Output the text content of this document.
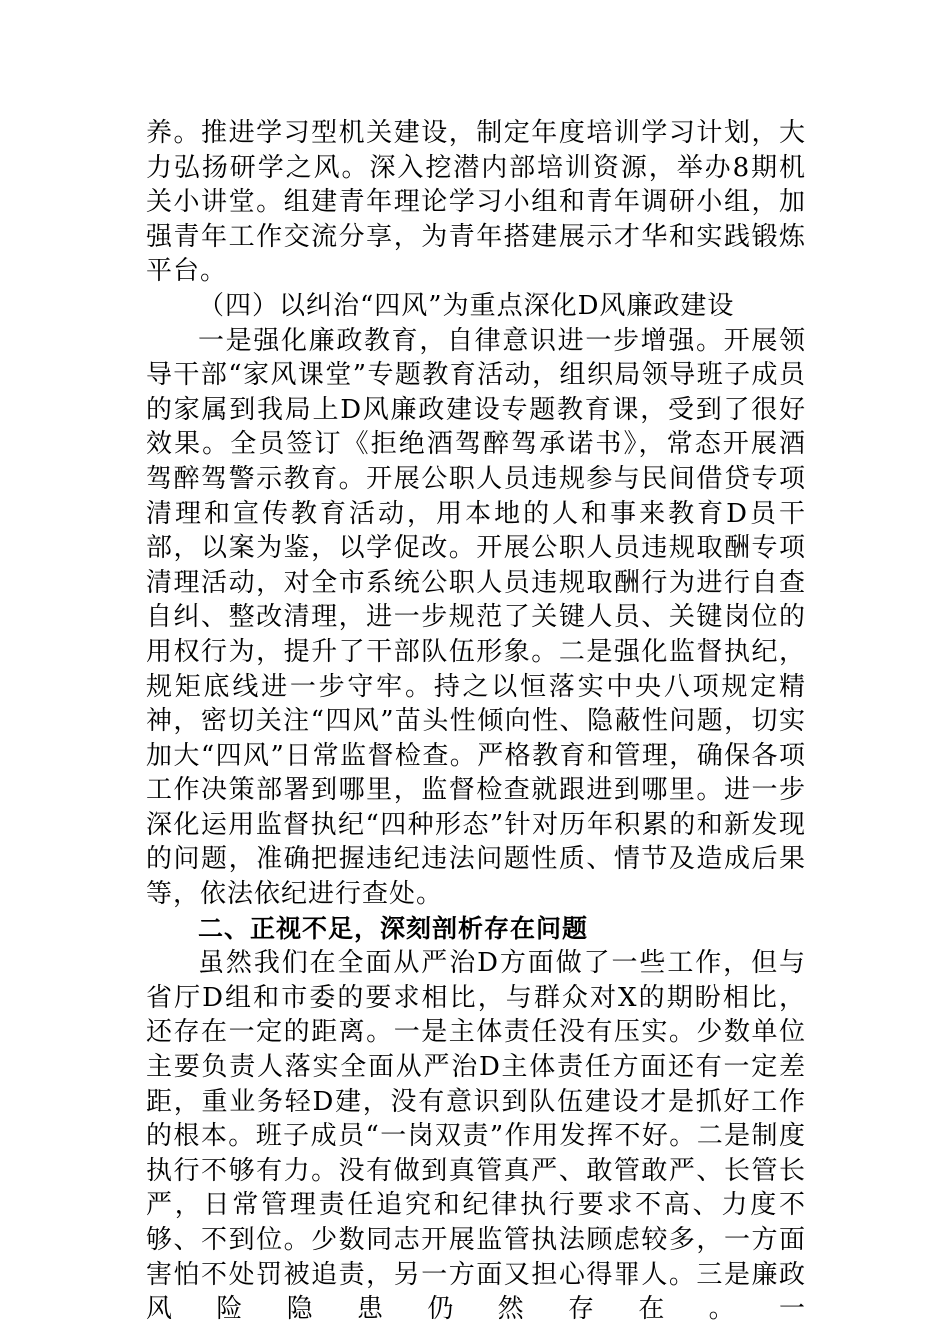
养。推进学习型机关建设，制定年度培训学习计划，大力弘扬研学之风。深入挖潜内部培训资源，举办8期机关小讲堂。组建青年理论学习小组和青年调研小组，加强青年工作交流分享，为青年搭建展示才华和实践锻炼平台。

（四）以纠治“四风”为重点深化D风廉政建设

一是强化廉政教育，自律意识进一步增强。开展领导干部“家风课堂”专题教育活动，组织局领导班子成员的家属到我局上D风廉政建设专题教育课，受到了很好效果。全员签订《拒绝酒驾醉驾承诺书》，常态开展酒驾醉驾警示教育。开展公职人员违规参与民间借贷专项清理和宣传教育活动，用本地的人和事来教育D员干部，以案为鉴，以学促改。开展公职人员违规取酬专项清理活动，对全市系统公职人员违规取酬行为进行自查自纠、整改清理，进一步规范了关键人员、关键岗位的用权行为，提升了干部队伍形象。二是强化监督执纪，规矩底线进一步守牢。持之以恒落实中央八项规定精神，密切关注“四风”苗头性倾向性、隐蔽性问题，切实加大“四风”日常监督检查。严格教育和管理，确保各项工作决策部署到哪里，监督检查就跟进到哪里。进一步深化运用监督执纪“四种形态”针对历年积累的和新发现的问题，准确把握违纪违法问题性质、情节及造成后果等，依法依纪进行查处。

二、正视不足，深刻剖析存在问题

虽然我们在全面从严治D方面做了一些工作，但与省厅D组和市委的要求相比，与群众对X的期盼相比，还存在一定的距离。一是主体责任没有压实。少数单位主要负责人落实全面从严治D主体责任方面还有一定差距，重业务轻D建，没有意识到队伍建设才是抓好工作的根本。班子成员“一岗双责”作用发挥不好。二是制度执行不够有力。没有做到真管真严、敢管敢严、长管长严，日常管理责任追究和纪律执行要求不高、力度不够、不到位。少数同志开展监管执法顾虑较多，一方面害怕不处罚被追责，另一方面又担心得罪人。三是廉政风险隐患仍然存在。一
